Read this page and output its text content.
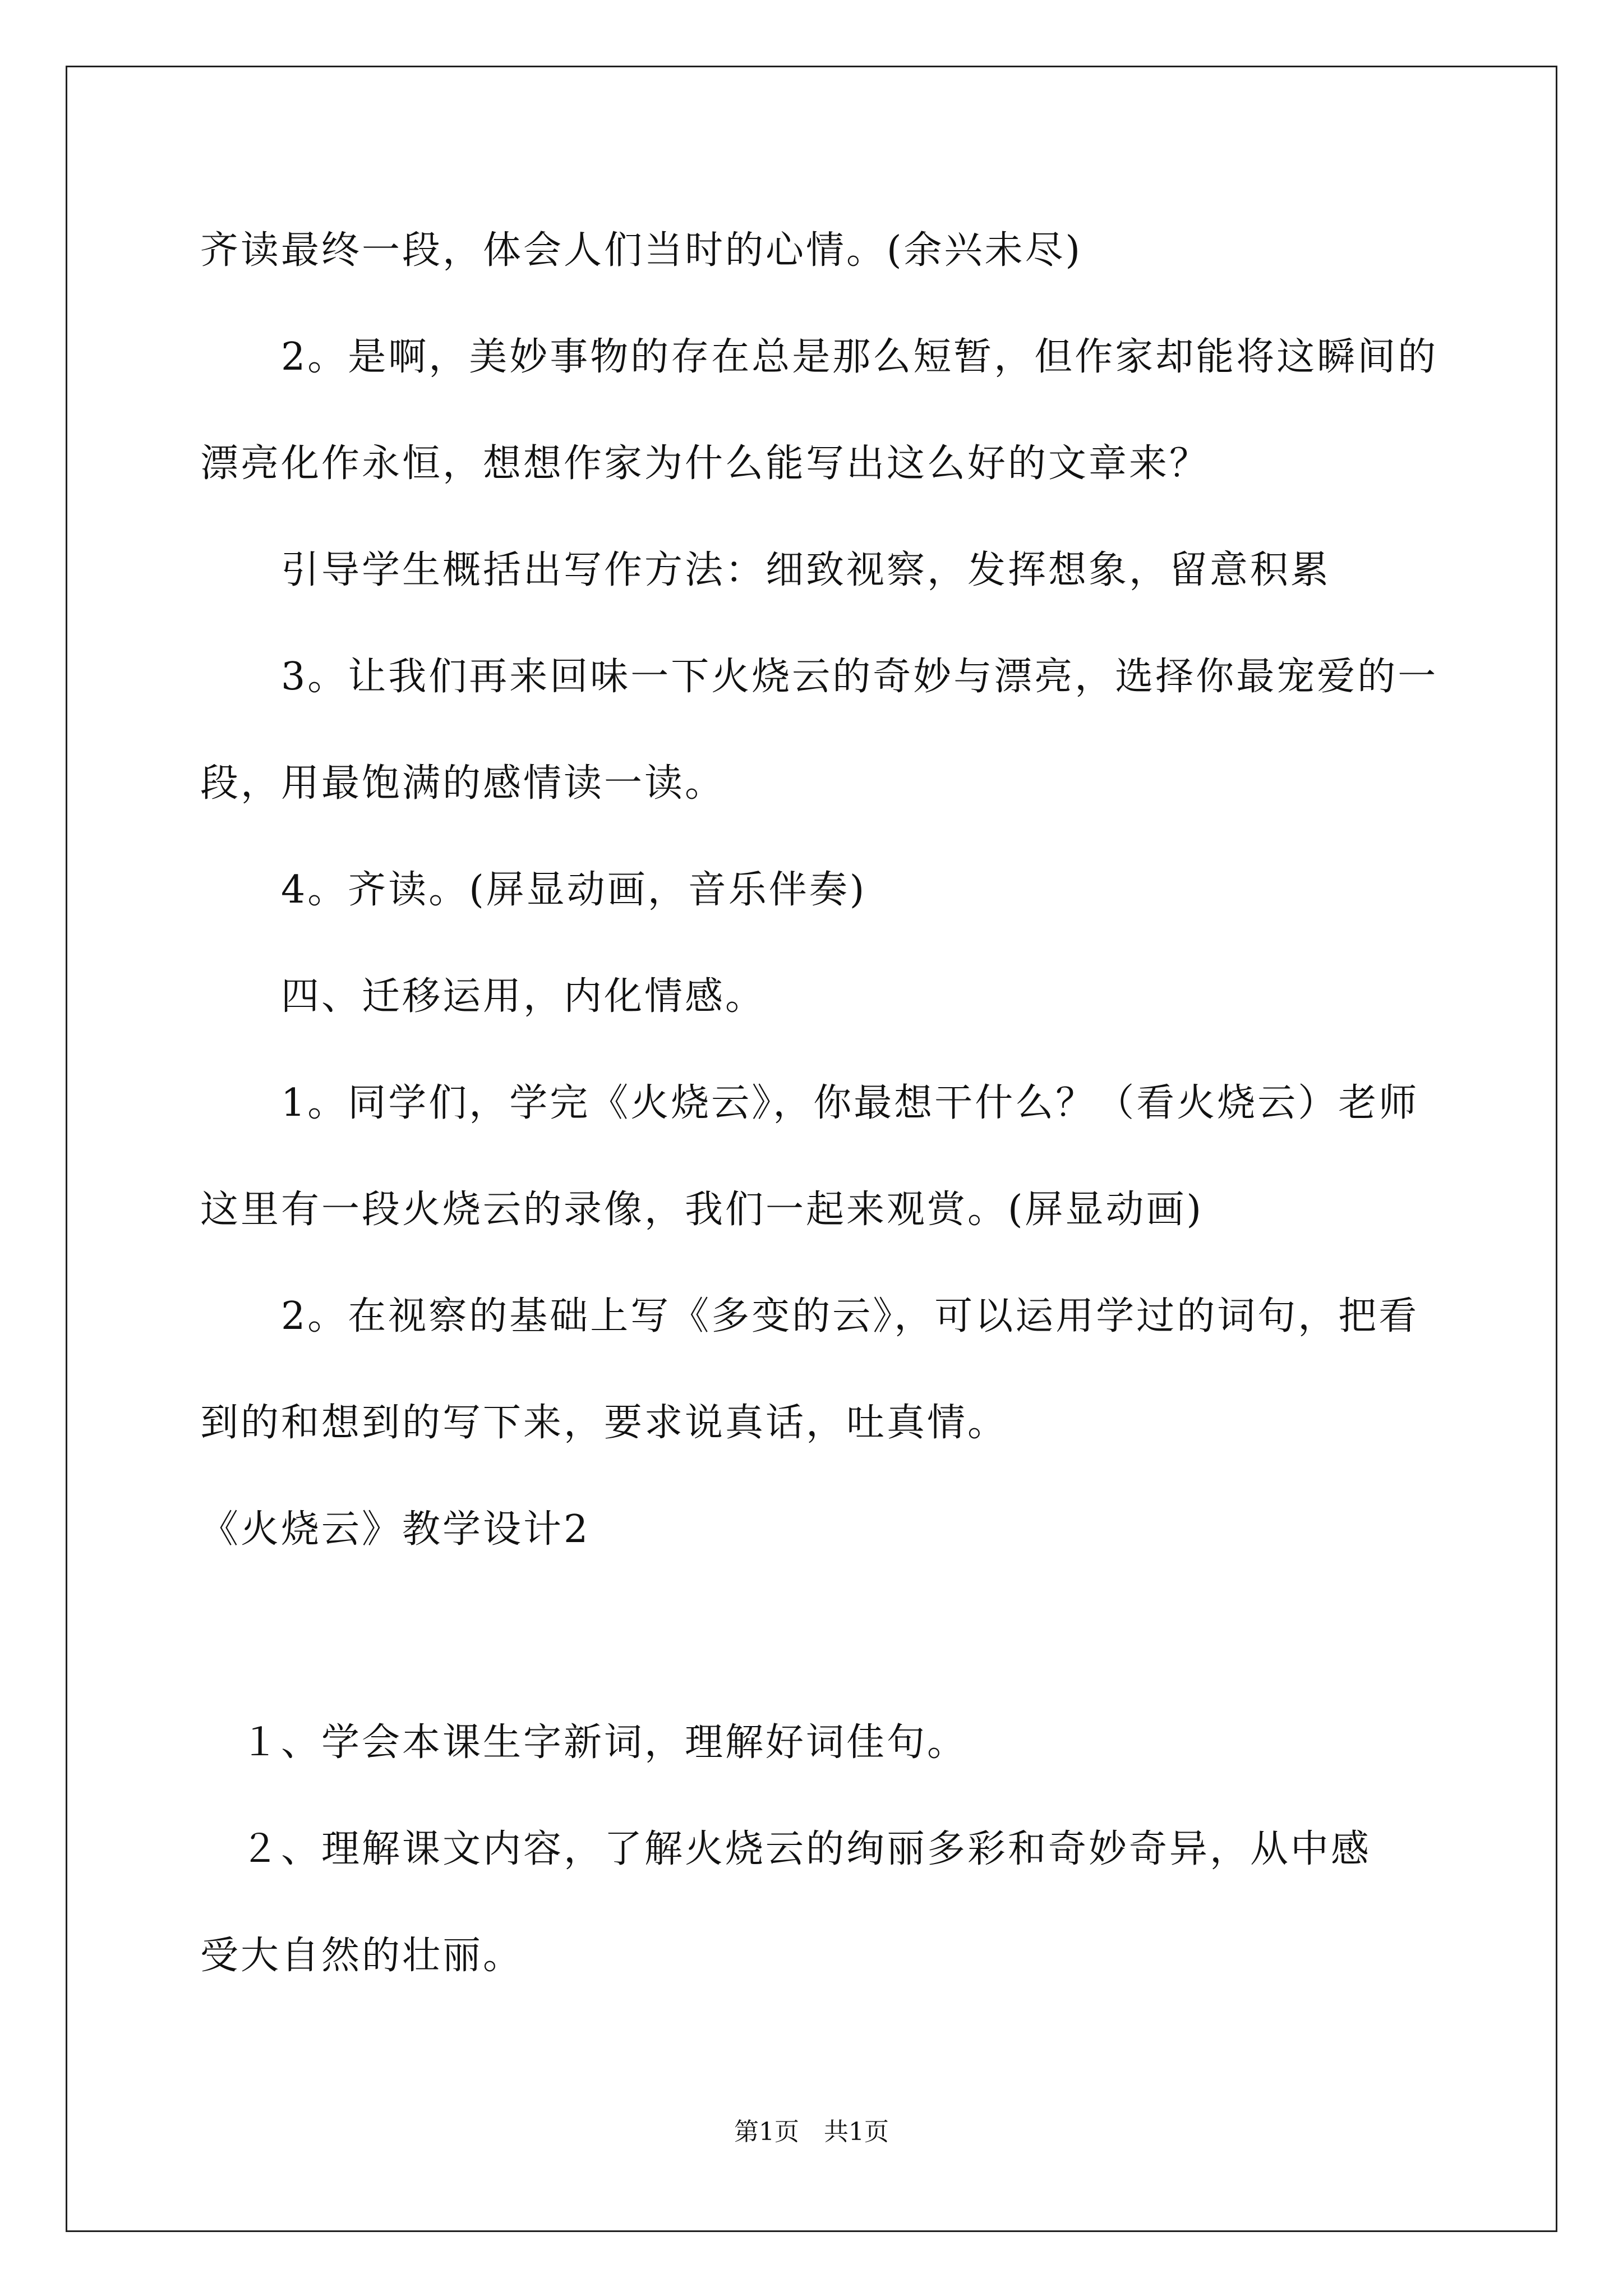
齐读最终一段，体会人们当时的心情。(余兴未尽)
　　2。是啊，美妙事物的存在总是那么短暂，但作家却能将这瞬间的
漂亮化作永恒，想想作家为什么能写出这么好的文章来？
　　引导学生概括出写作方法：细致视察，发挥想象，留意积累
　　3。让我们再来回味一下火烧云的奇妙与漂亮，选择你最宠爱的一
段，用最饱满的感情读一读。
　　4。齐读。(屏显动画，音乐伴奏)
　　四、迁移运用，内化情感。
　　1。同学们，学完《火烧云》，你最想干什么？（看火烧云）老师
这里有一段火烧云的录像，我们一起来观赏。(屏显动画)
　　2。在视察的基础上写《多变的云》，可以运用学过的词句，把看
到的和想到的写下来，要求说真话，吐真情。
《火烧云》教学设计2
　１、学会本课生字新词，理解好词佳句。
　２、理解课文内容，了解火烧云的绚丽多彩和奇妙奇异，从中感
受大自然的壮丽。
第1页　共1页
